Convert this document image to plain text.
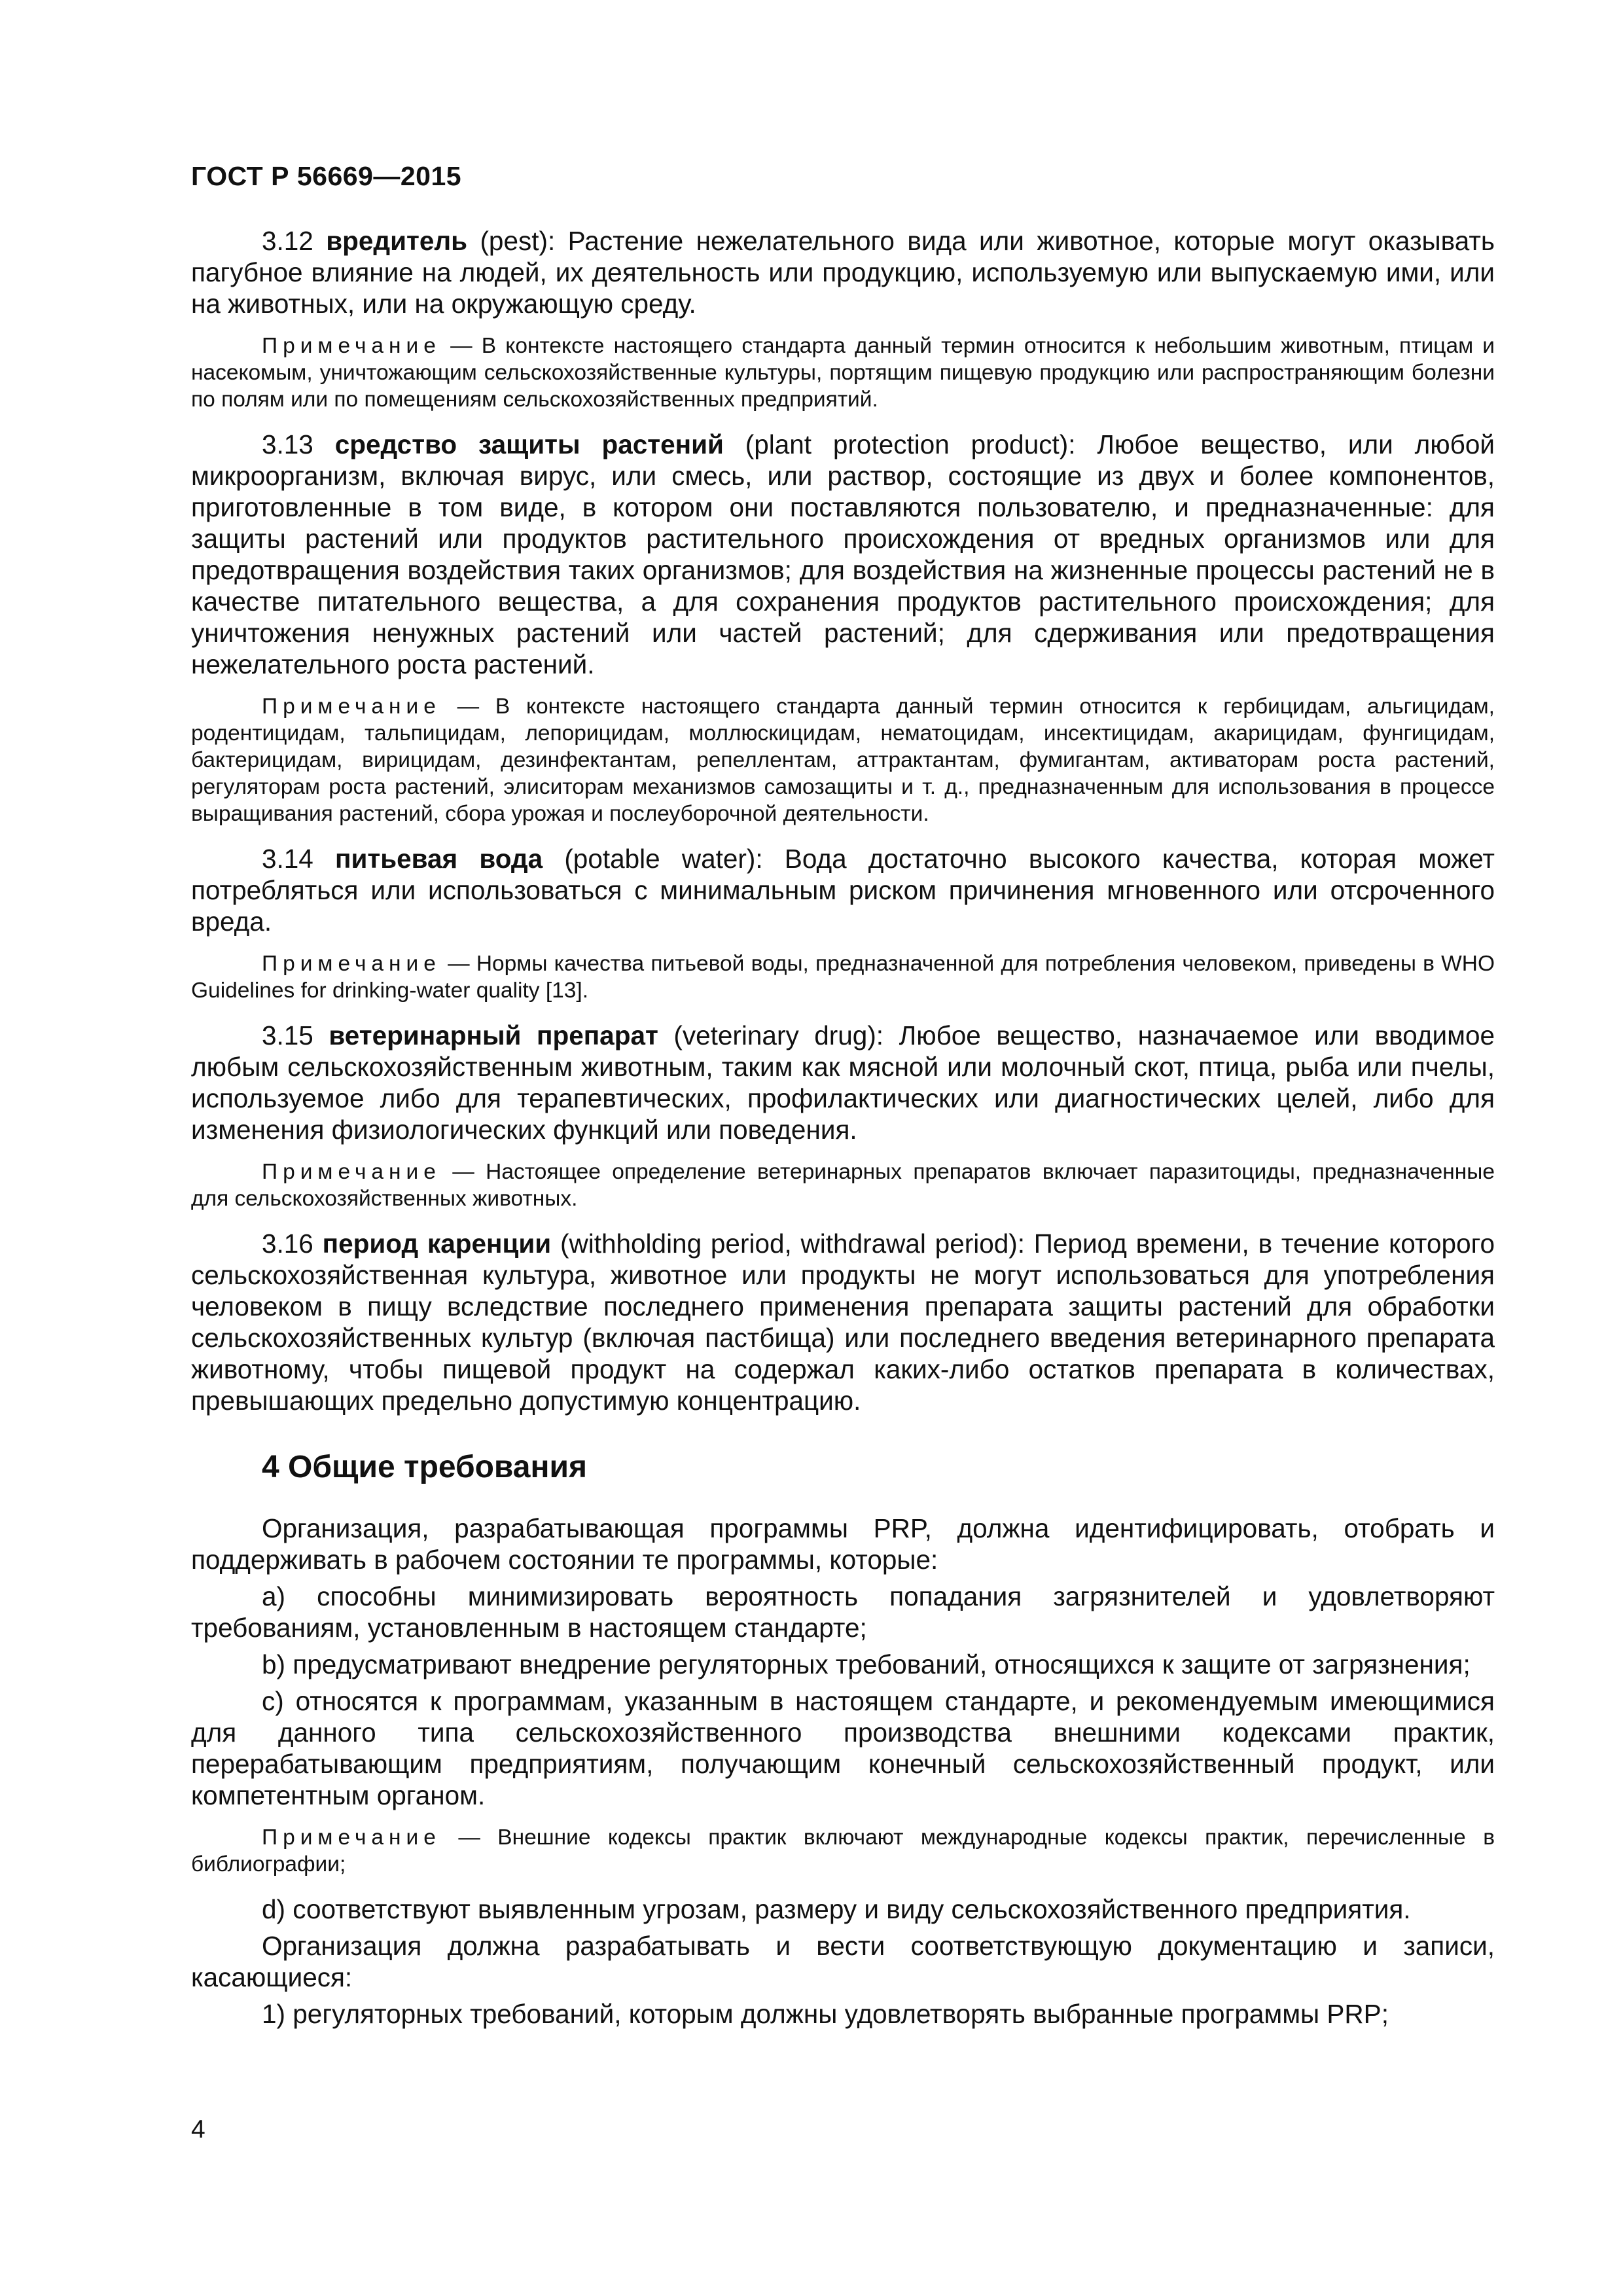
ГОСТ Р 56669—2015

3.12 вредитель (pest): Растение нежелательного вида или животное, которые могут оказывать пагубное влияние на людей, их деятельность или продукцию, используемую или выпускаемую ими, или на животных, или на окружающую среду.

Примечание — В контексте настоящего стандарта данный термин относится к небольшим животным, птицам и насекомым, уничтожающим сельскохозяйственные культуры, портящим пищевую продукцию или распространяющим болезни по полям или по помещениям сельскохозяйственных предприятий.

3.13 средство защиты растений (plant protection product): Любое вещество, или любой микроорганизм, включая вирус, или смесь, или раствор, состоящие из двух и более компонентов, приготовленные в том виде, в котором они поставляются пользователю, и предназначенные: для защиты растений или продуктов растительного происхождения от вредных организмов или для предотвращения воздействия таких организмов; для воздействия на жизненные процессы растений не в качестве питательного вещества, а для сохранения продуктов растительного происхождения; для уничтожения ненужных растений или частей растений; для сдерживания или предотвращения нежелательного роста растений.

Примечание — В контексте настоящего стандарта данный термин относится к гербицидам, альгицидам, родентицидам, тальпицидам, лепорицидам, моллюскицидам, нематоцидам, инсектицидам, акарицидам, фунгицидам, бактерицидам, вирицидам, дезинфектантам, репеллентам, аттрактантам, фумигантам, активаторам роста растений, регуляторам роста растений, элиситорам механизмов самозащиты и т. д., предназначенным для использования в процессе выращивания растений, сбора урожая и послеуборочной деятельности.

3.14 питьевая вода (potable water): Вода достаточно высокого качества, которая может потребляться или использоваться с минимальным риском причинения мгновенного или отсроченного вреда.

Примечание — Нормы качества питьевой воды, предназначенной для потребления человеком, приведены в WHO Guidelines for drinking-water quality [13].

3.15 ветеринарный препарат (veterinary drug): Любое вещество, назначаемое или вводимое любым сельскохозяйственным животным, таким как мясной или молочный скот, птица, рыба или пчелы, используемое либо для терапевтических, профилактических или диагностических целей, либо для изменения физиологических функций или поведения.

Примечание — Настоящее определение ветеринарных препаратов включает паразитоциды, предназначенные для сельскохозяйственных животных.

3.16 период каренции (withholding period, withdrawal period): Период времени, в течение которого сельскохозяйственная культура, животное или продукты не могут использоваться для употребления человеком в пищу вследствие последнего применения препарата защиты растений для обработки сельскохозяйственных культур (включая пастбища) или последнего введения ветеринарного препарата животному, чтобы пищевой продукт на содержал каких-либо остатков препарата в количествах, превышающих предельно допустимую концентрацию.

4 Общие требования

Организация, разрабатывающая программы PRP, должна идентифицировать, отобрать и поддерживать в рабочем состоянии те программы, которые:

a) способны минимизировать вероятность попадания загрязнителей и удовлетворяют требованиям, установленным в настоящем стандарте;

b) предусматривают внедрение регуляторных требований, относящихся к защите от загрязнения;

c) относятся к программам, указанным в настоящем стандарте, и рекомендуемым имеющимися для данного типа сельскохозяйственного производства внешними кодексами практик, перерабатывающим предприятиям, получающим конечный сельскохозяйственный продукт, или компетентным органом.

Примечание — Внешние кодексы практик включают международные кодексы практик, перечисленные в библиографии;

d) соответствуют выявленным угрозам, размеру и виду сельскохозяйственного предприятия.

Организация должна разрабатывать и вести соответствующую документацию и записи, касающиеся:

1) регуляторных требований, которым должны удовлетворять выбранные программы PRP;

4
